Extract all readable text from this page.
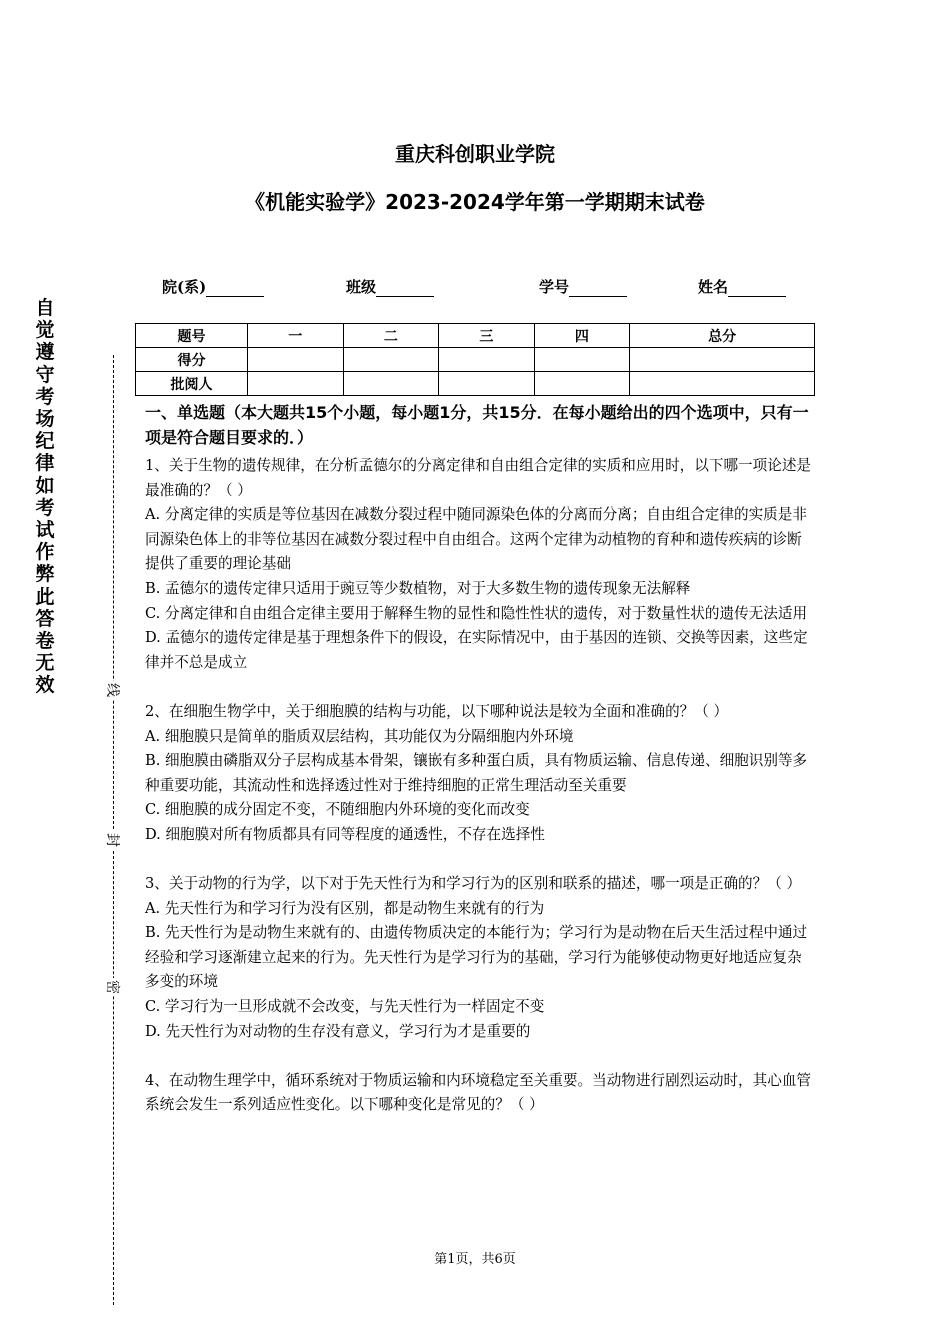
重庆科创职业学院
《机能实验学》2023-2024学年第一学期期末试卷
院(系)	班级	学号	姓名
题号	一	二	三	四	总分
得分					
批阅人					
自觉遵守考场纪律如考试作弊此答卷无效	线
封
密

一、单选题（本大题共15个小题，每小题1分，共15分．在每小题给出的四个选项中，只有一项是符合题目要求的．）

1、关于生物的遗传规律，在分析孟德尔的分离定律和自由组合定律的实质和应用时，以下哪一项论述是最准确的？（ ）

A. 分离定律的实质是等位基因在减数分裂过程中随同源染色体的分离而分离；自由组合定律的实质是非同源染色体上的非等位基因在减数分裂过程中自由组合。这两个定律为动植物的育种和遗传疾病的诊断提供了重要的理论基础

B. 孟德尔的遗传定律只适用于豌豆等少数植物，对于大多数生物的遗传现象无法解释

C. 分离定律和自由组合定律主要用于解释生物的显性和隐性性状的遗传，对于数量性状的遗传无法适用

D. 孟德尔的遗传定律是基于理想条件下的假设，在实际情况中，由于基因的连锁、交换等因素，这些定律并不总是成立

2、在细胞生物学中，关于细胞膜的结构与功能，以下哪种说法是较为全面和准确的？（ ）

A. 细胞膜只是简单的脂质双层结构，其功能仅为分隔细胞内外环境

B. 细胞膜由磷脂双分子层构成基本骨架，镶嵌有多种蛋白质，具有物质运输、信息传递、细胞识别等多种重要功能，其流动性和选择透过性对于维持细胞的正常生理活动至关重要

C. 细胞膜的成分固定不变，不随细胞内外环境的变化而改变

D. 细胞膜对所有物质都具有同等程度的通透性，不存在选择性

3、关于动物的行为学，以下对于先天性行为和学习行为的区别和联系的描述，哪一项是正确的？（ ）

A. 先天性行为和学习行为没有区别，都是动物生来就有的行为

B. 先天性行为是动物生来就有的、由遗传物质决定的本能行为；学习行为是动物在后天生活过程中通过经验和学习逐渐建立起来的行为。先天性行为是学习行为的基础，学习行为能够使动物更好地适应复杂多变的环境

C. 学习行为一旦形成就不会改变，与先天性行为一样固定不变

D. 先天性行为对动物的生存没有意义，学习行为才是重要的

4、在动物生理学中，循环系统对于物质运输和内环境稳定至关重要。当动物进行剧烈运动时，其心血管系统会发生一系列适应性变化。以下哪种变化是常见的？（ ）

第1页，共6页
